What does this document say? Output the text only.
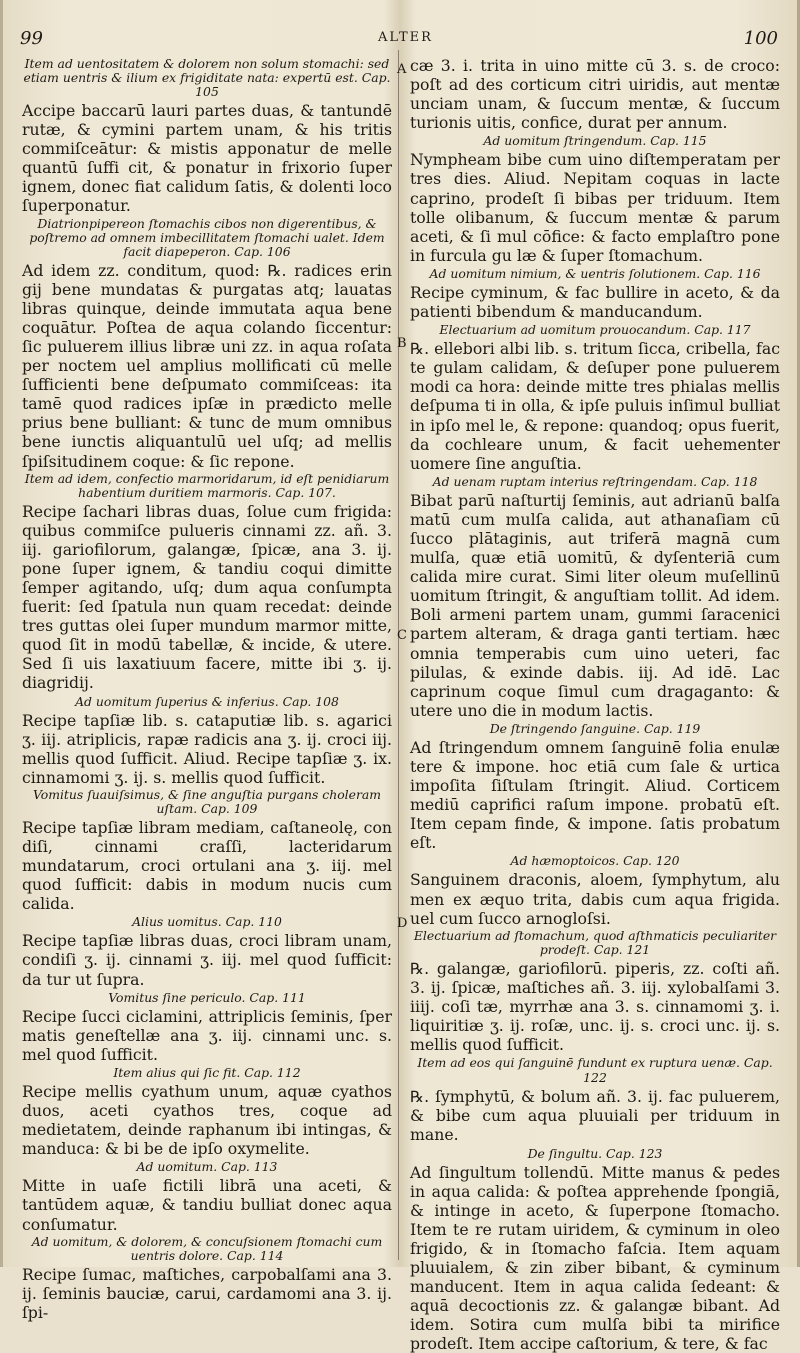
99	ALTER	100
A
B
C
D
Item ad uentositatem & dolorem non solum stomachi: sed etiam uentris & ilium ex frigiditate nata: expertū est. Cap. 105
Accipe baccarū lauri partes duas, & tantundē rutæ, & cymini partem unam, & his tritis commiſceātur: & mistis apponatur de melle quantū ſuffi cit, & ponatur in frixorio ſuper ignem, donec fiat calidum ſatis, & dolenti loco ſuperponatur.
Diatrionpipereon ſtomachis cibos non digerentibus, & poſtremo ad omnem imbecillitatem ſtomachi ualet. Idem facit diapeperon. Cap. 106
Ad idem zz. conditum, quod: ℞. radices erin gij bene mundatas & purgatas atq; lauatas libras quinque, deinde immutata aqua bene coquātur. Poſtea de aqua colando ſiccentur: ſic puluerem illius libræ uni zz. in aqua roſata per noctem uel amplius mollificati cū melle ſufficienti bene deſpumato commiſceas: ita tamē quod radices ipſæ in prædicto melle prius bene bulliant: & tunc de mum omnibus bene iunctis aliquantulū uel uſq; ad mellis ſpiſsitudinem coque: & ſic repone.
Item ad idem, confectio marmoridarum, id eſt penidiarum habentium duritiem marmoris. Cap. 107.
Recipe ſachari libras duas, ſolue cum frigida: quibus commiſce pulueris cinnami zz. añ. 3. iij. gariofilorum, galangæ, ſpicæ, ana 3. ij. pone ſuper ignem, & tandiu coqui dimitte ſemper agitando, uſq; dum aqua conſumpta fuerit: ſed ſpatula nun quam recedat: deinde tres guttas olei ſuper mundum marmor mitte, quod ſit in modū tabellæ, & incide, & utere. Sed ſi uis laxatiuum facere, mitte ibi ʒ. ij. diagridij.
Ad uomitum ſuperius & inferius. Cap. 108
Recipe tapſiæ lib. s. cataputiæ lib. s. agarici ʒ. iij. atriplicis, rapæ radicis ana ʒ. ij. croci iij. mellis quod ſufficit. Aliud. Recipe tapſiæ ʒ. ix. cinnamomi ʒ. ij. s. mellis quod ſufficit.
Vomitus ſuauiſsimus, & ſine anguſtia purgans choleram uſtam. Cap. 109
Recipe tapſiæ libram mediam, caſtaneolę, con diſi, cinnami craſſi, lacteridarum mundatarum, croci ortulani ana ʒ. iij. mel quod ſufficit: dabis in modum nucis cum calida.
Alius uomitus. Cap. 110
Recipe tapſiæ libras duas, croci libram unam, condiſi ʒ. ij. cinnami ʒ. iij. mel quod ſufficit: da tur ut ſupra.
Vomitus ſine periculo. Cap. 111
Recipe ſucci ciclamini, attriplicis ſeminis, ſper matis geneſtellæ ana ʒ. iij. cinnami unc. s. mel quod ſufficit.
Item alius qui ſic fit. Cap. 112
Recipe mellis cyathum unum, aquæ cyathos duos, aceti cyathos tres, coque ad medietatem, deinde raphanum ibi intingas, & manduca: & bi be de ipſo oxymelite.
Ad uomitum. Cap. 113
Mitte in uaſe fictili librā una aceti, & tantūdem aquæ, & tandiu bulliat donec aqua conſumatur.
Ad uomitum, & dolorem, & concuſsionem ſtomachi cum uentris dolore. Cap. 114
Recipe ſumac, maſtiches, carpobalſami ana 3. ij. ſeminis bauciæ, carui, cardamomi ana 3. ij. ſpi-
cæ 3. i. trita in uino mitte cū 3. s. de croco: poſt ad des corticum citri uiridis, aut mentæ unciam unam, & ſuccum mentæ, & ſuccum turionis uitis, confice, durat per annum.
Ad uomitum ſtringendum. Cap. 115
Nympheam bibe cum uino diſtemperatam per tres dies. Aliud. Nepitam coquas in lacte caprino, prodeſt ſi bibas per triduum. Item tolle olibanum, & ſuccum mentæ & parum aceti, & ſi mul cōfice: & facto emplaſtro pone in furcula gu læ & ſuper ſtomachum.
Ad uomitum nimium, & uentris ſolutionem. Cap. 116
Recipe cyminum, & fac bullire in aceto, & da patienti bibendum & manducandum.
Electuarium ad uomitum prouocandum. Cap. 117
℞. ellebori albi lib. s. tritum ſicca, cribella, fac te gulam calidam, & deſuper pone puluerem modi ca hora: deinde mitte tres phialas mellis deſpuma ti in olla, & ipſe puluis inſimul bulliat in ipſo mel le, & repone: quandoq; opus fuerit, da cochleare unum, & facit uehementer uomere ſine anguſtia.
Ad uenam ruptam interius reſtringendam. Cap. 118
Bibat parū naſturtij ſeminis, aut adrianū balſa matū cum mulſa calida, aut athanaſiam cū ſucco plātaginis, aut triferā magnā cum mulſa, quæ etiā uomitū, & dyſenteriā cum calida mire curat. Simi liter oleum muſellinū uomitum ſtringit, & anguſtiam tollit. Ad idem. Boli armeni partem unam, gummi ſaracenici partem alteram, & draga ganti tertiam. hæc omnia temperabis cum uino ueteri, fac pilulas, & exinde dabis. iij. Ad idē. Lac caprinum coque ſimul cum dragaganto: & utere uno die in modum lactis.
De ſtringendo ſanguine. Cap. 119
Ad ſtringendum omnem ſanguinē folia enulæ tere & impone. hoc etiā cum ſale & urtica impoſita ſiſtulam ſtringit. Aliud. Corticem mediū caprifici raſum impone. probatū eſt. Item cepam finde, & impone. ſatis probatum eſt.
Ad hæmoptoicos. Cap. 120
Sanguinem draconis, aloem, ſymphytum, alu men ex æquo trita, dabis cum aqua frigida. uel cum ſucco arnogloſsi.
Electuarium ad ſtomachum, quod aſthmaticis peculiariter prodeſt. Cap. 121
℞. galangæ, gariofilorū. piperis, zz. coſti añ. 3. ij. ſpicæ, maſtiches añ. 3. iij. xylobalſami 3. iiij. coſi tæ, myrrhæ ana 3. s. cinnamomi ʒ. i. liquiritiæ ʒ. ij. roſæ, unc. ij. s. croci unc. ij. s. mellis quod ſufficit.
Item ad eos qui ſanguinē fundunt ex ruptura uenæ. Cap. 122
℞. ſymphytū, & bolum añ. 3. ij. fac puluerem, & bibe cum aqua pluuiali per triduum in mane.
De ſingultu. Cap. 123
Ad ſingultum tollendū. Mitte manus & pedes in aqua calida: & poſtea apprehende ſpongiā, & intinge in aceto, & ſuperpone ſtomacho. Item te re rutam uiridem, & cyminum in oleo frigido, & in ſtomacho faſcia. Item aquam pluuialem, & zin ziber bibant, & cyminum manducent. Item in aqua calida ſedeant: & aquā decoctionis zz. & galangæ bibant. Ad idem. Sotira cum mulſa bibi ta mirifice prodeſt. Item accipe caſtorium, & tere, & fac
